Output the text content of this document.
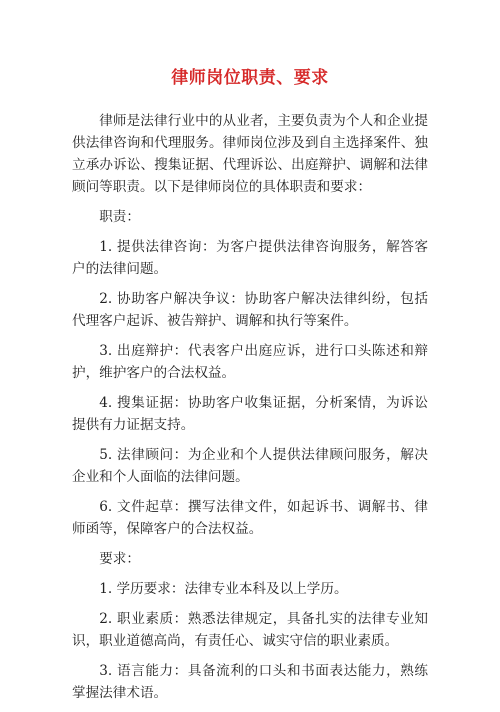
律师岗位职责、要求

律师是法律行业中的从业者，主要负责为个人和企业提供法律咨询和代理服务。律师岗位涉及到自主选择案件、独立承办诉讼、搜集证据、代理诉讼、出庭辩护、调解和法律顾问等职责。以下是律师岗位的具体职责和要求：

职责：

1. 提供法律咨询：为客户提供法律咨询服务，解答客户的法律问题。

2. 协助客户解决争议：协助客户解决法律纠纷，包括代理客户起诉、被告辩护、调解和执行等案件。

3. 出庭辩护：代表客户出庭应诉，进行口头陈述和辩护，维护客户的合法权益。

4. 搜集证据：协助客户收集证据，分析案情，为诉讼提供有力证据支持。

5. 法律顾问：为企业和个人提供法律顾问服务，解决企业和个人面临的法律问题。

6. 文件起草：撰写法律文件，如起诉书、调解书、律师函等，保障客户的合法权益。

要求：

1. 学历要求：法律专业本科及以上学历。

2. 职业素质：熟悉法律规定，具备扎实的法律专业知识，职业道德高尚，有责任心、诚实守信的职业素质。

3. 语言能力：具备流利的口头和书面表达能力，熟练掌握法律术语。
